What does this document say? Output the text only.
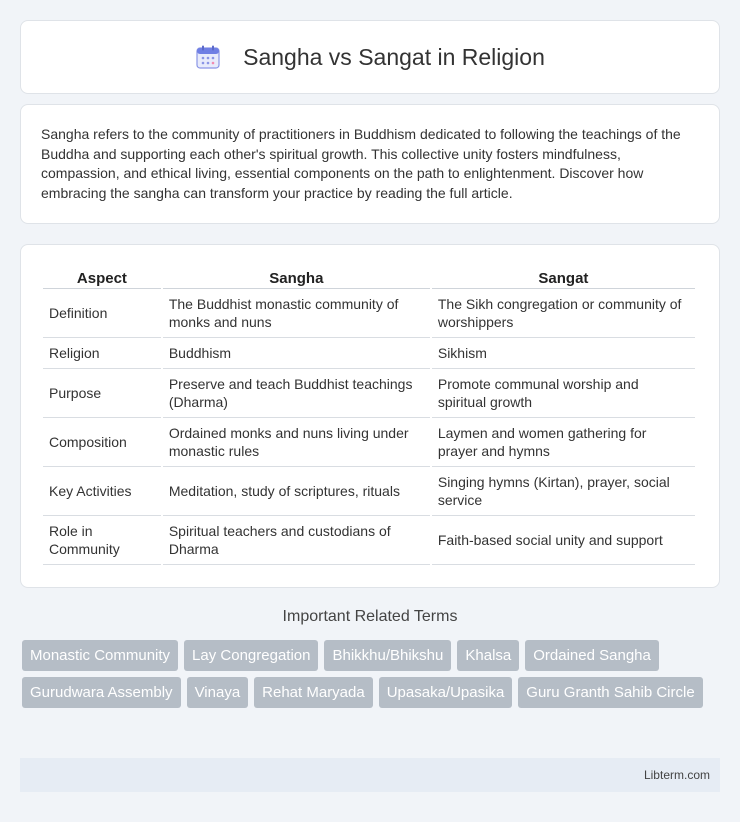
Sangha vs Sangat in Religion

Sangha refers to the community of practitioners in Buddhism dedicated to following the teachings of the Buddha and supporting each other's spiritual growth. This collective unity fosters mindfulness, compassion, and ethical living, essential components on the path to enlightenment. Discover how embracing the sangha can transform your practice by reading the full article.

Aspect	Sangha	Sangat
Definition	The Buddhist monastic community of monks and nuns	The Sikh congregation or community of worshippers
Religion	Buddhism	Sikhism
Purpose	Preserve and teach Buddhist teachings (Dharma)	Promote communal worship and spiritual growth
Composition	Ordained monks and nuns living under monastic rules	Laymen and women gathering for prayer and hymns
Key Activities	Meditation, study of scriptures, rituals	Singing hymns (Kirtan), prayer, social service
Role in Community	Spiritual teachers and custodians of Dharma	Faith-based social unity and support
Important Related Terms
Monastic Community	Lay Congregation	Bhikkhu/Bhikshu	Khalsa	Ordained Sangha
Gurudwara Assembly	Vinaya	Rehat Maryada	Upasaka/Upasika	Guru Granth Sahib Circle
Libterm.com
